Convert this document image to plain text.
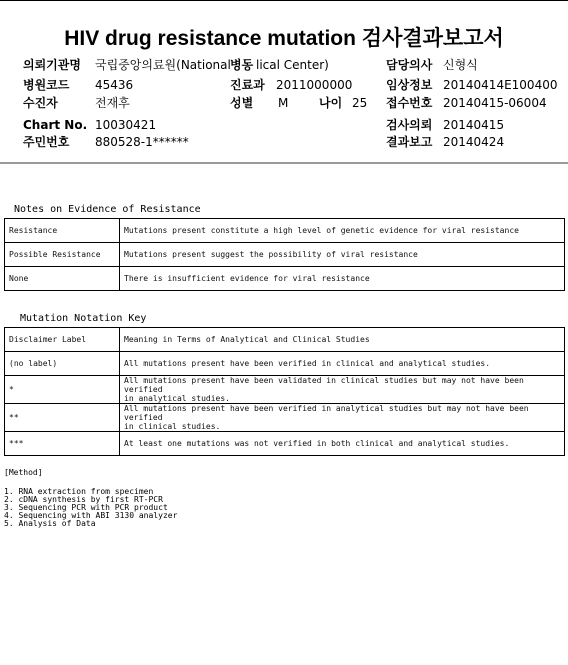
HIV drug resistance mutation 검사결과보고서
의뢰기관명 국립중앙의료원(National 병동 lical Center)	담당의사 신형식
병원코드 45436	진료과 2011000000	임상정보 20140414E100400
수진자	전재후	성별 M	나이 25 접수번호 20140415-06004
Chart No. 10030421	검사의뢰 20140415
주민번호 880528-1******	결과보고 20140424
Notes on Evidence of Resistance
Resistance	Mutations present constitute a high level of genetic evidence for viral resistance
Possible Resistance	Mutations present suggest the possibility of viral resistance
None	There is insufficient evidence for viral resistance
Mutation Notation Key
Disclaimer Label	Meaning in Terms of Analytical and Clinical Studies
(no label)	All mutations present have been verified in clinical and analytical studies.

*	All mutations present have been validated in clinical studies but may not have been verified
in analytical studies.

**	All mutations present have been verified in analytical studies but may not have been verified
in clinical studies.

***	At least one mutations was not verified in both clinical and analytical studies.
[Method]
1. RNA extraction from specimen
2. cDNA synthesis by first RT-PCR
3. Sequencing PCR with PCR product
4. Sequencing with ABI 3130 analyzer
5. Analysis of Data
